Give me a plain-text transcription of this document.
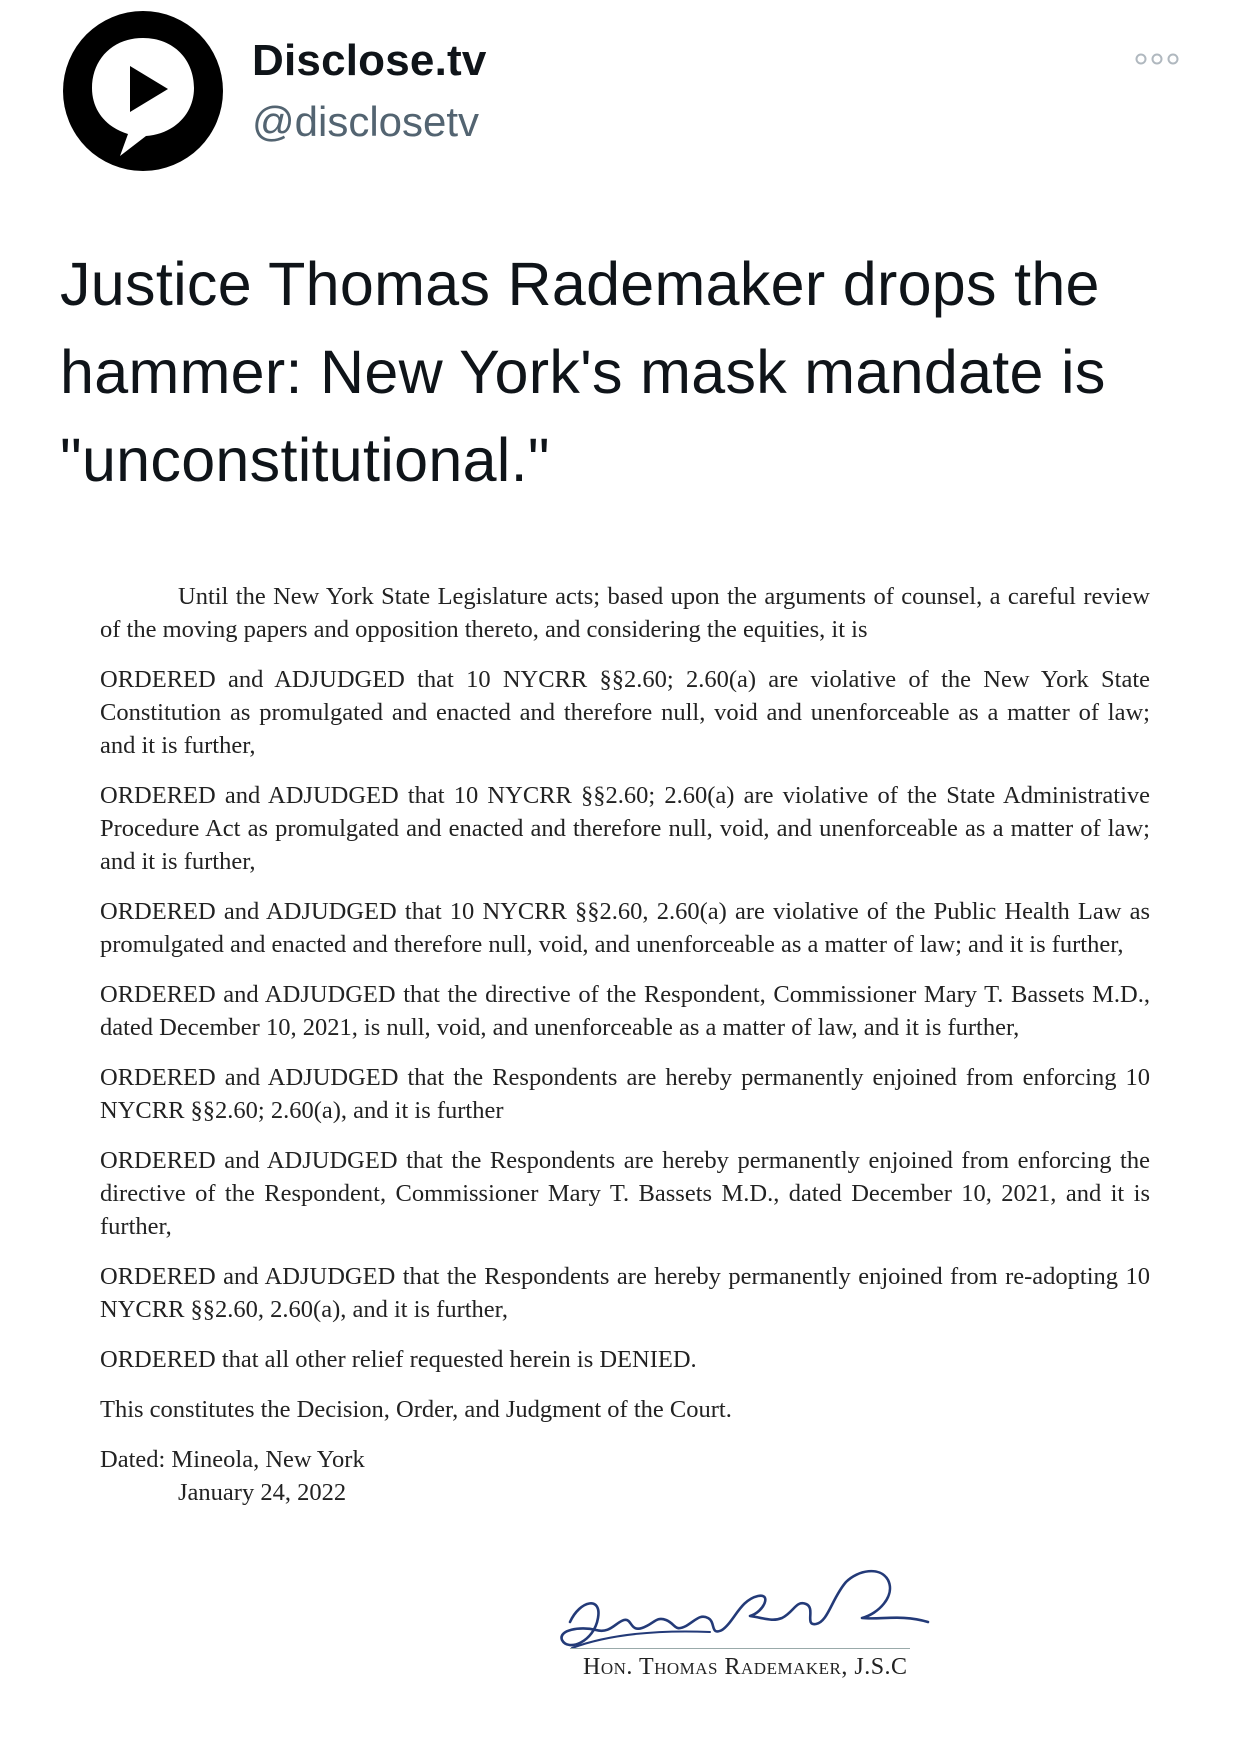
Disclose.tv
@disclosetv
Justice Thomas Rademaker drops the hammer: New York's mask mandate is "unconstitutional."

Until the New York State Legislature acts; based upon the arguments of counsel, a careful review of the moving papers and opposition thereto, and considering the equities, it is

ORDERED and ADJUDGED that 10 NYCRR §§2.60; 2.60(a) are violative of the New York State Constitution as promulgated and enacted and therefore null, void and unenforceable as a matter of law; and it is further,

ORDERED and ADJUDGED that 10 NYCRR §§2.60; 2.60(a) are violative of the State Administrative Procedure Act as promulgated and enacted and therefore null, void, and unenforceable as a matter of law; and it is further,

ORDERED and ADJUDGED that 10 NYCRR §§2.60, 2.60(a) are violative of the Public Health Law as promulgated and enacted and therefore null, void, and unenforceable as a matter of law; and it is further,

ORDERED and ADJUDGED that the directive of the Respondent, Commissioner Mary T. Bassets M.D., dated December 10, 2021, is null, void, and unenforceable as a matter of law, and it is further,

ORDERED and ADJUDGED that the Respondents are hereby permanently enjoined from enforcing 10 NYCRR §§2.60; 2.60(a), and it is further

ORDERED and ADJUDGED that the Respondents are hereby permanently enjoined from enforcing the directive of the Respondent, Commissioner Mary T. Bassets M.D., dated December 10, 2021, and it is further,

ORDERED and ADJUDGED that the Respondents are hereby permanently enjoined from re-adopting 10 NYCRR §§2.60, 2.60(a), and it is further,

ORDERED that all other relief requested herein is DENIED.

This constitutes the Decision, Order, and Judgment of the Court.

Dated: Mineola, New York
January 24, 2022
Hon. Thomas Rademaker, J.S.C
